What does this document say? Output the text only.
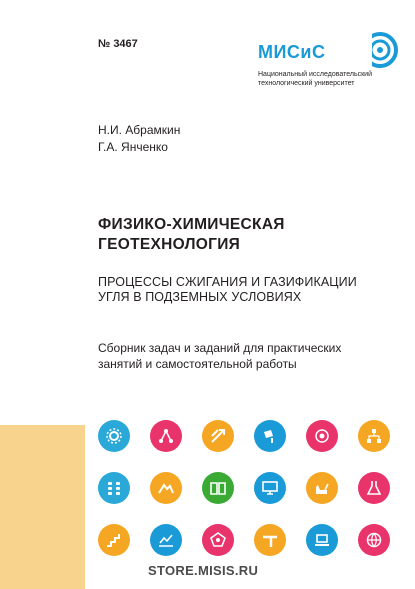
№ 3467	МИСиС
Национальный исследовательский
технологический университет
Н.И. Абрамкин
Г.А. Янченко
ФИЗИКО-ХИМИЧЕСКАЯ
ГЕОТЕХНОЛОГИЯ
ПРОЦЕССЫ СЖИГАНИЯ И ГАЗИФИКАЦИИ
УГЛЯ В ПОДЗЕМНЫХ УСЛОВИЯХ
Сборник задач и заданий для практических
занятий и самостоятельной работы
STORE.MISIS.RU
